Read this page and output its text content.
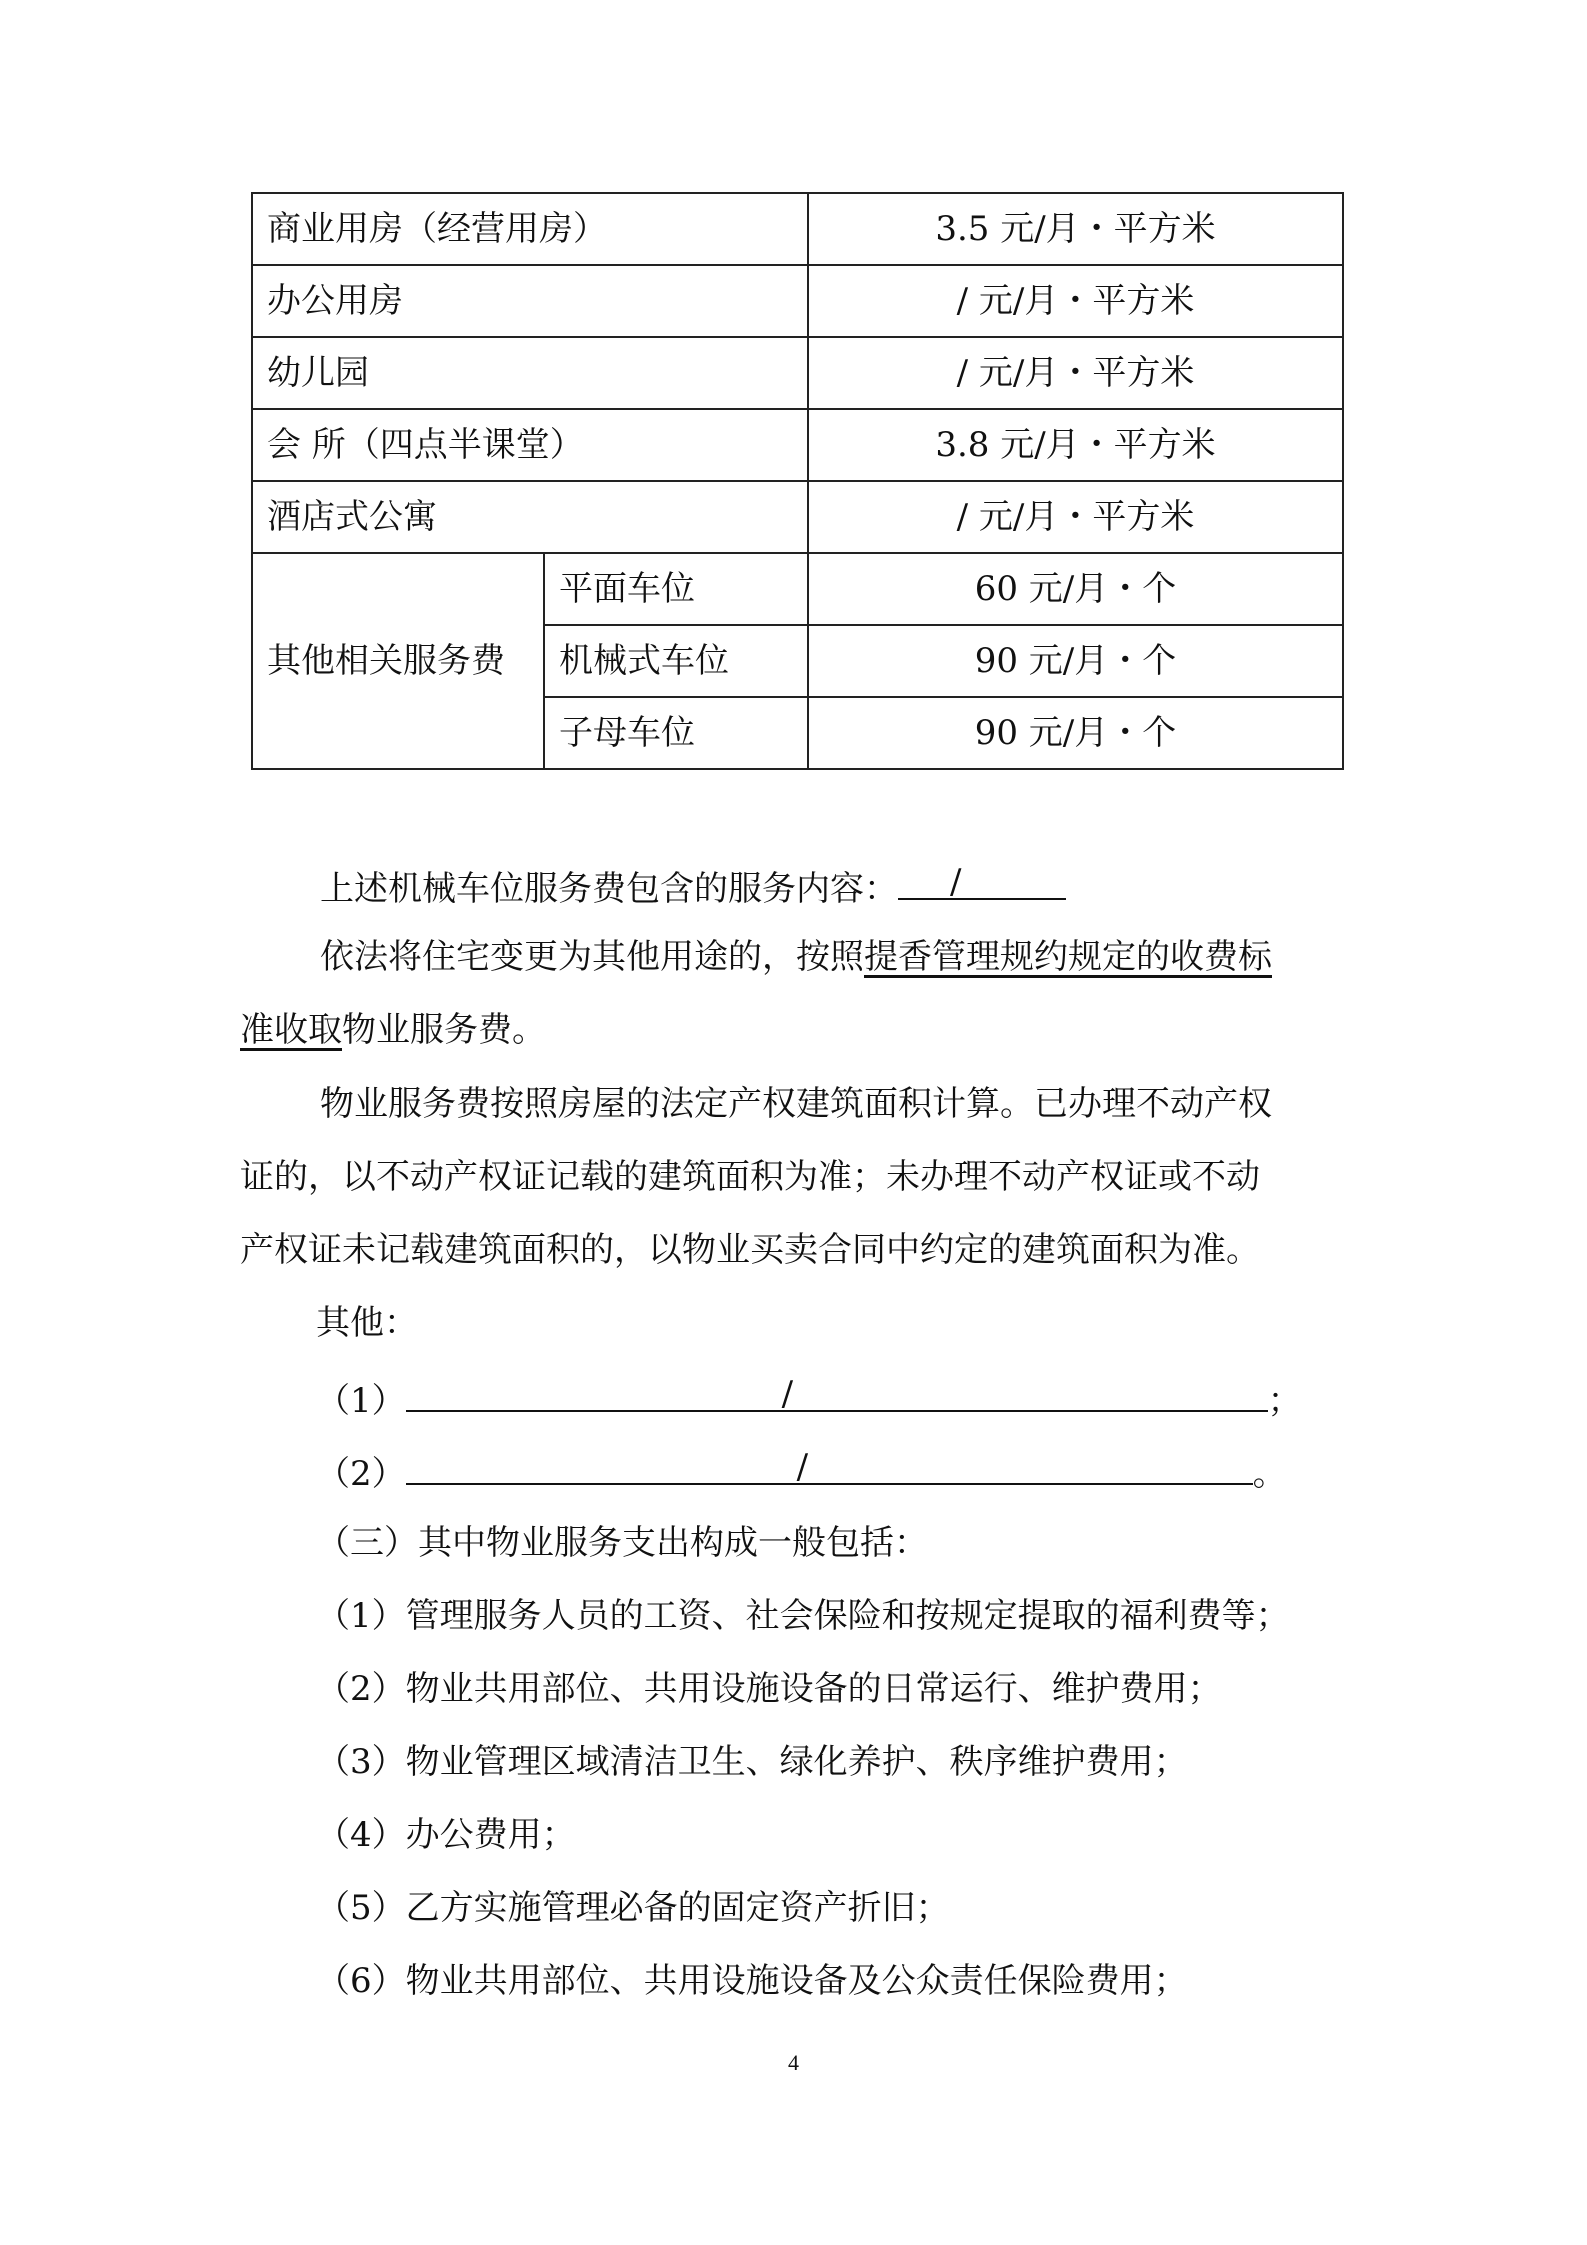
商业用房（经营用房）		3.5 元/月・平方米
办公用房		/ 元/月・平方米
幼儿园		/ 元/月・平方米
会 所（四点半课堂）		3.8 元/月・平方米
酒店式公寓		/ 元/月・平方米
其他相关服务费	平面车位	60 元/月・个
	机械式车位	90 元/月・个
	子母车位	90 元/月・个
上述机械车位服务费包含的服务内容： /
依法将住宅变更为其他用途的，按照提香管理规约规定的收费标
准收取物业服务费。
物业服务费按照房屋的法定产权建筑面积计算。已办理不动产权
证的，以不动产权证记载的建筑面积为准；未办理不动产权证或不动
产权证未记载建筑面积的，以物业买卖合同中约定的建筑面积为准。
其他：
（1）	/	；
（2）	/	。
（三）其中物业服务支出构成一般包括：
（1）管理服务人员的工资、社会保险和按规定提取的福利费等；
（2）物业共用部位、共用设施设备的日常运行、维护费用；
（3）物业管理区域清洁卫生、绿化养护、秩序维护费用；
（4）办公费用；
（5）乙方实施管理必备的固定资产折旧；
（6）物业共用部位、共用设施设备及公众责任保险费用；
4
